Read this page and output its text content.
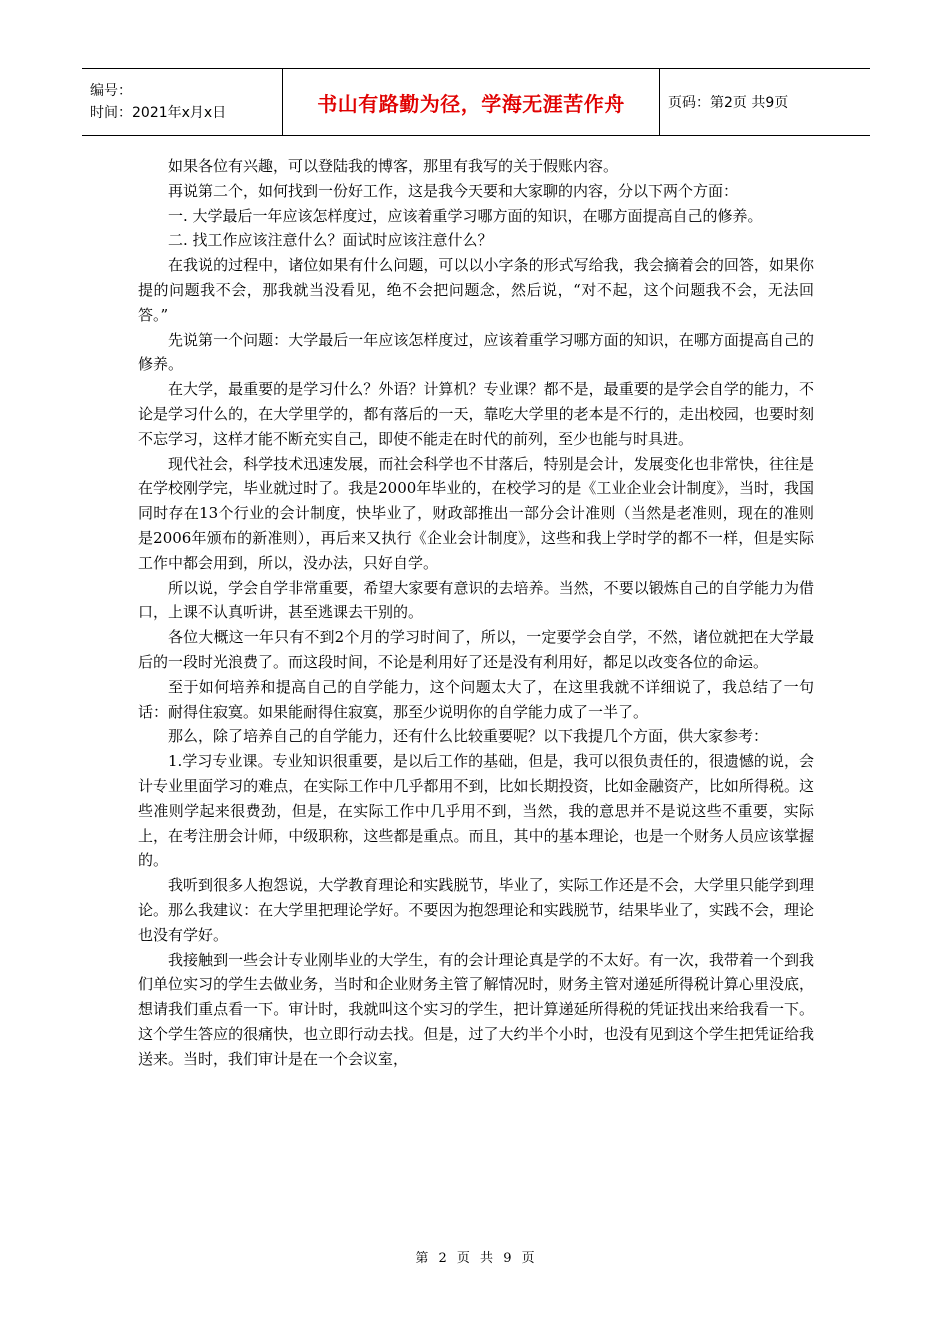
编号：
时间：2021年x月x日	书山有路勤为径，学海无涯苦作舟	页码：第2页 共9页

如果各位有兴趣，可以登陆我的博客，那里有我写的关于假账内容。

再说第二个，如何找到一份好工作，这是我今天要和大家聊的内容，分以下两个方面：

一. 大学最后一年应该怎样度过，应该着重学习哪方面的知识，在哪方面提高自己的修养。

二. 找工作应该注意什么？面试时应该注意什么？

在我说的过程中，诸位如果有什么问题，可以以小字条的形式写给我，我会摘着会的回答，如果你提的问题我不会，那我就当没看见，绝不会把问题念，然后说，“对不起，这个问题我不会，无法回答。”

先说第一个问题：大学最后一年应该怎样度过，应该着重学习哪方面的知识，在哪方面提高自己的修养。

在大学，最重要的是学习什么？外语？计算机？专业课？都不是，最重要的是学会自学的能力，不论是学习什么的，在大学里学的，都有落后的一天，靠吃大学里的老本是不行的，走出校园，也要时刻不忘学习，这样才能不断充实自己，即使不能走在时代的前列，至少也能与时具进。

现代社会，科学技术迅速发展，而社会科学也不甘落后，特别是会计，发展变化也非常快，往往是在学校刚学完，毕业就过时了。我是2000年毕业的，在校学习的是《工业企业会计制度》，当时，我国同时存在13个行业的会计制度，快毕业了，财政部推出一部分会计准则（当然是老准则，现在的准则是2006年颁布的新准则），再后来又执行《企业会计制度》，这些和我上学时学的都不一样，但是实际工作中都会用到，所以，没办法，只好自学。

所以说，学会自学非常重要，希望大家要有意识的去培养。当然，不要以锻炼自己的自学能力为借口，上课不认真听讲，甚至逃课去干别的。

各位大概这一年只有不到2个月的学习时间了，所以，一定要学会自学，不然，诸位就把在大学最后的一段时光浪费了。而这段时间，不论是利用好了还是没有利用好，都足以改变各位的命运。

至于如何培养和提高自己的自学能力，这个问题太大了，在这里我就不详细说了，我总结了一句话：耐得住寂寞。如果能耐得住寂寞，那至少说明你的自学能力成了一半了。

那么，除了培养自己的自学能力，还有什么比较重要呢？以下我提几个方面，供大家参考：

1.学习专业课。专业知识很重要，是以后工作的基础，但是，我可以很负责任的，很遗憾的说，会计专业里面学习的难点，在实际工作中几乎都用不到，比如长期投资，比如金融资产，比如所得税。这些准则学起来很费劲，但是，在实际工作中几乎用不到，当然，我的意思并不是说这些不重要，实际上，在考注册会计师，中级职称，这些都是重点。而且，其中的基本理论，也是一个财务人员应该掌握的。

我听到很多人抱怨说，大学教育理论和实践脱节，毕业了，实际工作还是不会，大学里只能学到理论。那么我建议：在大学里把理论学好。不要因为抱怨理论和实践脱节，结果毕业了，实践不会，理论也没有学好。

我接触到一些会计专业刚毕业的大学生，有的会计理论真是学的不太好。有一次，我带着一个到我们单位实习的学生去做业务，当时和企业财务主管了解情况时，财务主管对递延所得税计算心里没底，想请我们重点看一下。审计时，我就叫这个实习的学生，把计算递延所得税的凭证找出来给我看一下。这个学生答应的很痛快，也立即行动去找。但是，过了大约半个小时，也没有见到这个学生把凭证给我送来。当时，我们审计是在一个会议室，

第 2 页 共 9 页
